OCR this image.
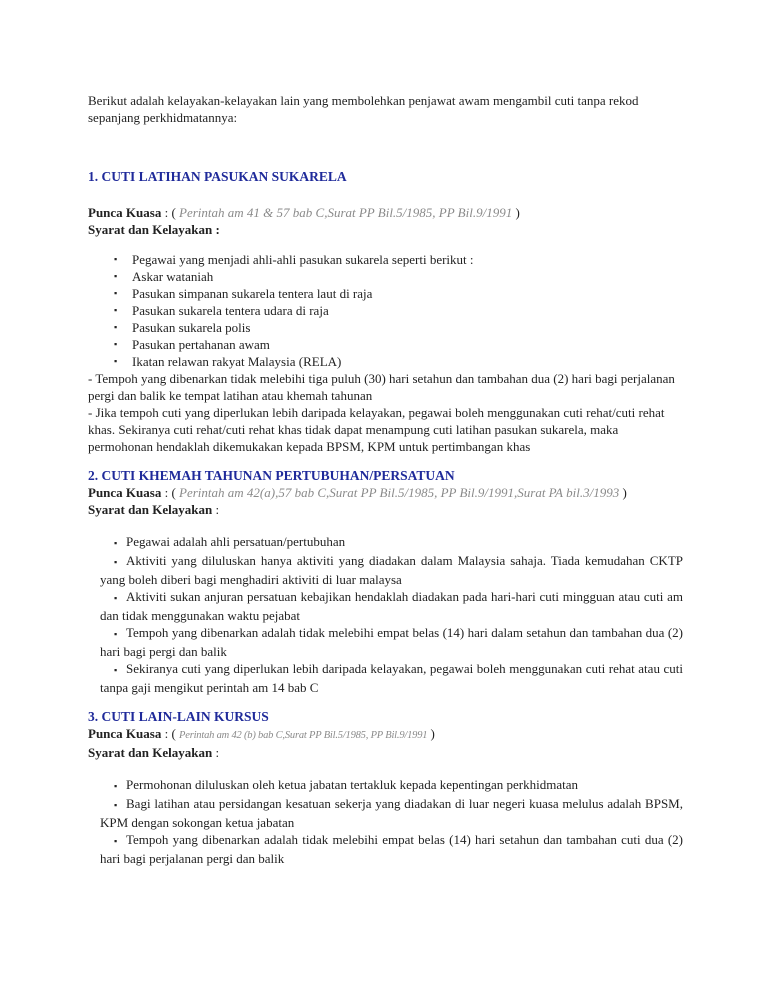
Berikut adalah kelayakan-kelayakan lain yang membolehkan penjawat awam mengambil cuti tanpa rekod sepanjang perkhidmatannya:

1. CUTI LATIHAN PASUKAN SUKARELA

Punca Kuasa : ( Perintah am 41 & 57 bab C,Surat PP Bil.5/1985, PP Bil.9/1991 )

Syarat dan Kelayakan :

▪	Pegawai yang menjadi ahli-ahli pasukan sukarela seperti berikut :
▪	Askar wataniah
▪	Pasukan simpanan sukarela tentera laut di raja
▪	Pasukan sukarela tentera udara di raja
▪	Pasukan sukarela polis
▪	Pasukan pertahanan awam
▪	Ikatan relawan rakyat Malaysia (RELA)

- Tempoh yang dibenarkan tidak melebihi tiga puluh (30) hari setahun dan tambahan dua (2) hari bagi perjalanan pergi dan balik ke tempat latihan atau khemah tahunan

- Jika tempoh cuti yang diperlukan lebih daripada kelayakan, pegawai boleh menggunakan cuti rehat/cuti rehat khas. Sekiranya cuti rehat/cuti rehat khas tidak dapat menampung cuti latihan pasukan sukarela, maka permohonan hendaklah dikemukakan kepada BPSM, KPM untuk pertimbangan khas

2. CUTI KHEMAH TAHUNAN PERTUBUHAN/PERSATUAN

Punca Kuasa : ( Perintah am 42(a),57 bab C,Surat PP Bil.5/1985, PP Bil.9/1991,Surat PA bil.3/1993 )

Syarat dan Kelayakan :

▪ Pegawai adalah ahli persatuan/pertubuhan
▪ Aktiviti yang diluluskan hanya aktiviti yang diadakan dalam Malaysia sahaja. Tiada kemudahan CKTP yang boleh diberi bagi menghadiri aktiviti di luar malaysa
▪ Aktiviti sukan anjuran persatuan kebajikan hendaklah diadakan pada hari-hari cuti mingguan atau cuti am dan tidak menggunakan waktu pejabat
▪ Tempoh yang dibenarkan adalah tidak melebihi empat belas (14) hari dalam setahun dan tambahan dua (2) hari bagi pergi dan balik
▪ Sekiranya cuti yang diperlukan lebih daripada kelayakan, pegawai boleh menggunakan cuti rehat atau cuti tanpa gaji mengikut perintah am 14 bab C

3. CUTI LAIN-LAIN KURSUS

Punca Kuasa : ( Perintah am 42 (b) bab C,Surat PP Bil.5/1985, PP Bil.9/1991 )

Syarat dan Kelayakan :

▪ Permohonan diluluskan oleh ketua jabatan tertakluk kepada kepentingan perkhidmatan
▪ Bagi latihan atau persidangan kesatuan sekerja yang diadakan di luar negeri kuasa melulus adalah BPSM, KPM dengan sokongan ketua jabatan
▪ Tempoh yang dibenarkan adalah tidak melebihi empat belas (14) hari setahun dan tambahan cuti dua (2) hari bagi perjalanan pergi dan balik
